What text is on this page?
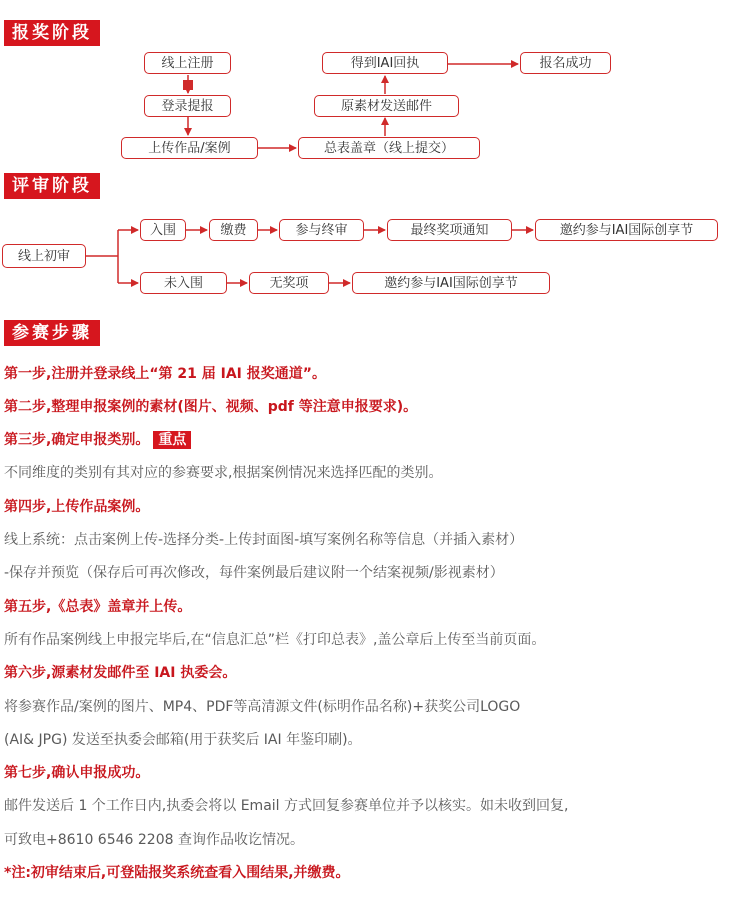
报奖阶段
线上注册
登录提报
上传作品/案例	总表盖章（线上提交）
原素材发送邮件
得到IAI回执	报名成功
评审阶段
线上初审
入围	缴费	参与终审	最终奖项通知	邀约参与IAI国际创享节
未入围	无奖项	邀约参与IAI国际创享节
参赛步骤
第一步,注册并登录线上“第 21 届 IAI 报奖通道”。
第二步,整理申报案例的素材(图片、视频、pdf 等注意申报要求)。
第三步,确定申报类别。 重点
不同维度的类别有其对应的参赛要求,根据案例情况来选择匹配的类别。
第四步,上传作品案例。
线上系统：点击案例上传-选择分类-上传封面图-填写案例名称等信息（并插入素材）
-保存并预览（保存后可再次修改，每件案例最后建议附一个结案视频/影视素材）
第五步,《总表》盖章并上传。
所有作品案例线上申报完毕后,在“信息汇总”栏《打印总表》,盖公章后上传至当前页面。
第六步,源素材发邮件至 IAI 执委会。
将参赛作品/案例的图片、MP4、PDF等高清源文件(标明作品名称)+获奖公司LOGO
(AI& JPG) 发送至执委会邮箱(用于获奖后 IAI 年鉴印刷)。
第七步,确认申报成功。
邮件发送后 1 个工作日内,执委会将以 Email 方式回复参赛单位并予以核实。如未收到回复,
可致电+8610 6546 2208 查询作品收讫情况。
*注:初审结束后,可登陆报奖系统查看入围结果,并缴费。
